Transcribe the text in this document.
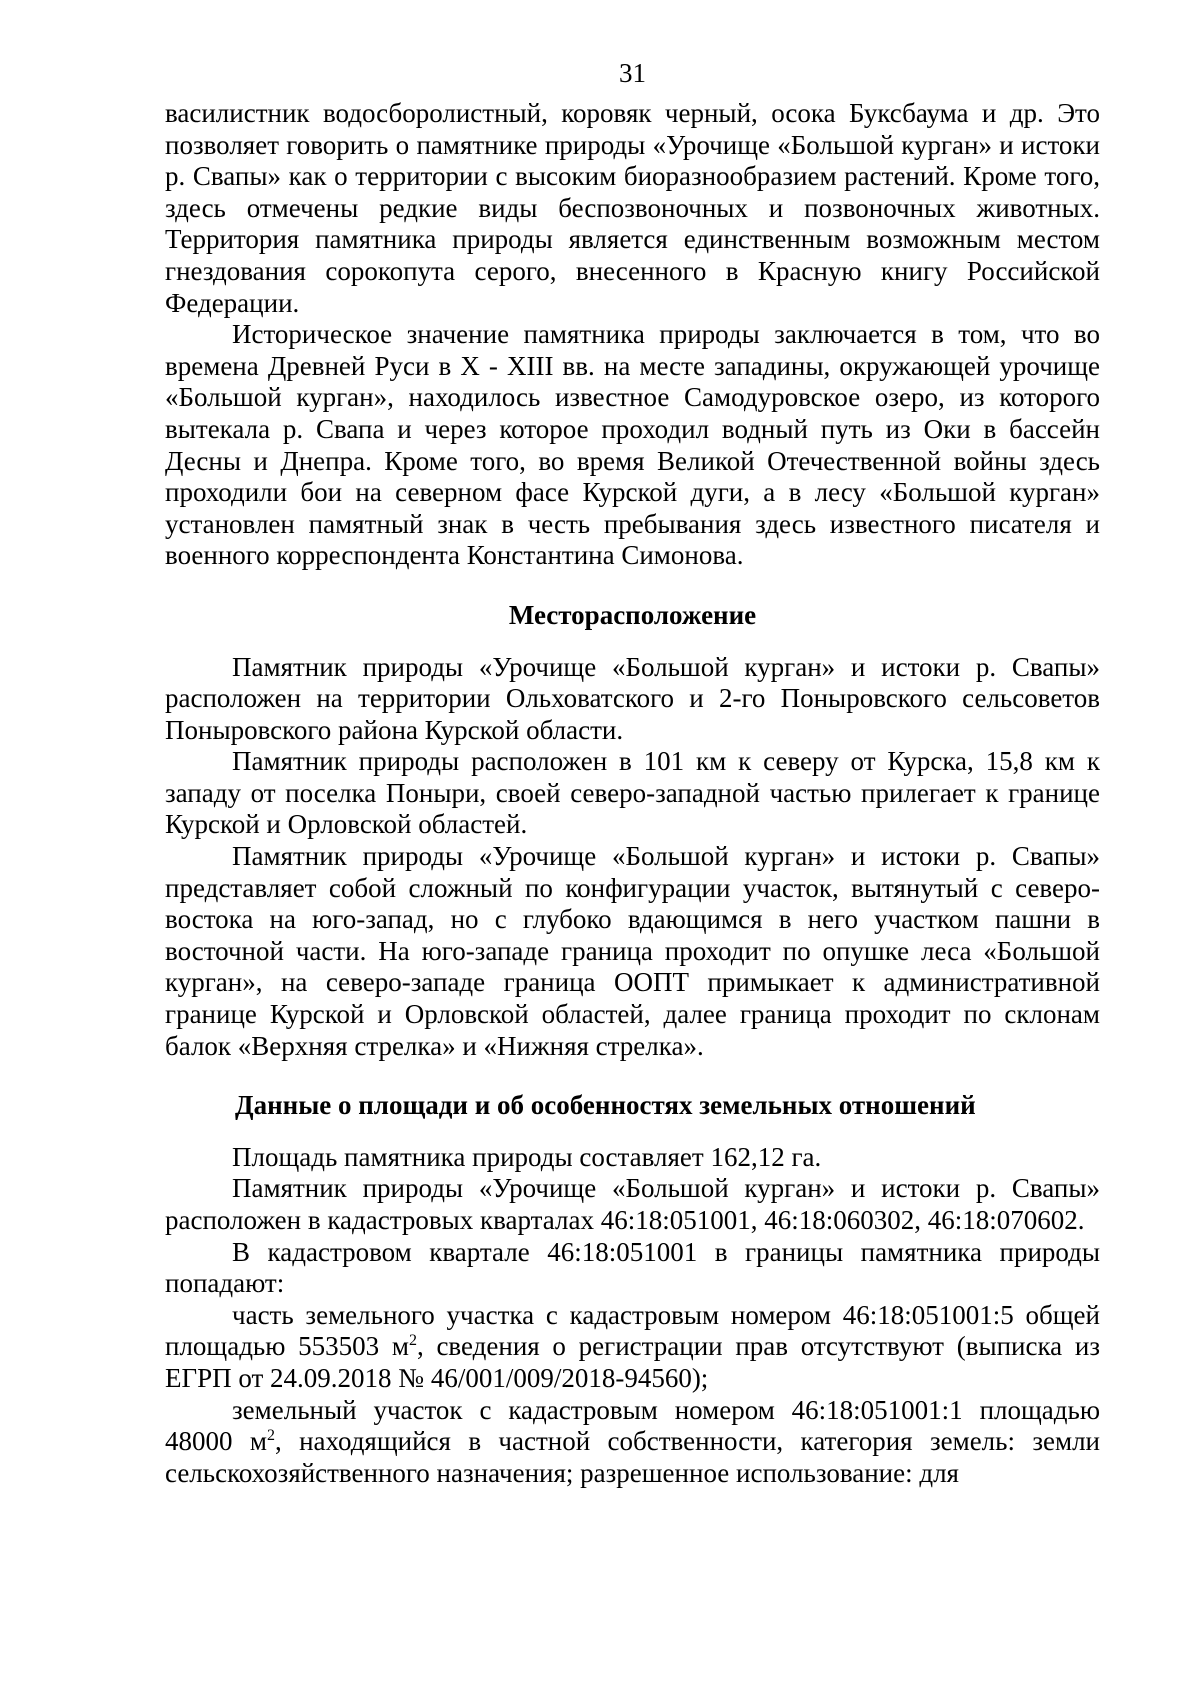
31

василистник водосборолистный, коровяк черный, осока Буксбаума и др. Это позволяет говорить о памятнике природы «Урочище «Большой курган» и истоки р. Свапы» как о территории с высоким биоразнообразием растений. Кроме того, здесь отмечены редкие виды беспозвоночных и позвоночных животных. Территория памятника природы является единственным возможным местом гнездования сорокопута серого, внесенного в Красную книгу Российской Федерации.

Историческое значение памятника природы заключается в том, что во времена Древней Руси в X - XIII вв. на месте западины, окружающей урочище «Большой курган», находилось известное Самодуровское озеро, из которого вытекала р. Свапа и через которое проходил водный путь из Оки в бассейн Десны и Днепра. Кроме того, во время Великой Отечественной войны здесь проходили бои на северном фасе Курской дуги, а в лесу «Большой курган» установлен памятный знак в честь пребывания здесь известного писателя и военного корреспондента Константина Симонова.

Месторасположение

Памятник природы «Урочище «Большой курган» и истоки р. Свапы» расположен на территории Ольховатского и 2-го Поныровского сельсоветов Поныровского района Курской области.

Памятник природы расположен в 101 км к северу от Курска, 15,8 км к западу от поселка Поныри, своей северо-западной частью прилегает к границе Курской и Орловской областей.

Памятник природы «Урочище «Большой курган» и истоки р. Свапы» представляет собой сложный по конфигурации участок, вытянутый с северо-востока на юго-запад, но с глубоко вдающимся в него участком пашни в восточной части. На юго-западе граница проходит по опушке леса «Большой курган», на северо-западе граница ООПТ примыкает к административной границе Курской и Орловской областей, далее граница проходит по склонам балок «Верхняя стрелка» и «Нижняя стрелка».

Данные о площади и об особенностях земельных отношений

Площадь памятника природы составляет 162,12 га.

Памятник природы «Урочище «Большой курган» и истоки р. Свапы» расположен в кадастровых кварталах 46:18:051001, 46:18:060302, 46:18:070602.

В кадастровом квартале 46:18:051001 в границы памятника природы попадают:

часть земельного участка с кадастровым номером 46:18:051001:5 общей площадью 553503 $м^2$, сведения о регистрации прав отсутствуют (выписка из ЕГРП от 24.09.2018 № 46/001/009/2018-94560);

земельный участок с кадастровым номером 46:18:051001:1 площадью 48000 $м^2$, находящийся в частной собственности, категория земель: земли сельскохозяйственного назначения; разрешенное использование: для
